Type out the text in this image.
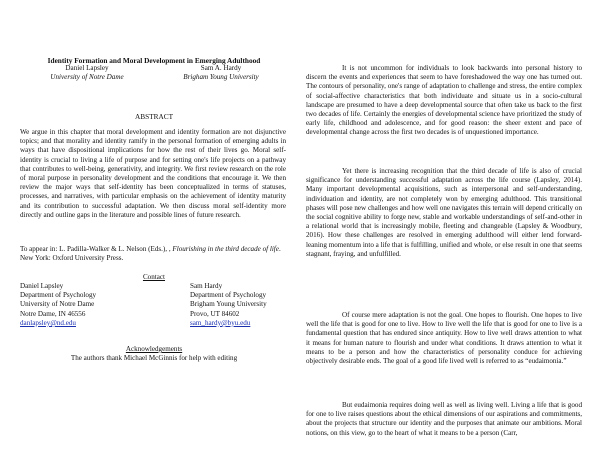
Identity Formation and Moral Development in Emerging Adulthood
Daniel Lapsley
University of Notre Dame
Sam A. Hardy
Brigham Young University
ABSTRACT

We argue in this chapter that moral development and identity formation are not disjunctive topics; and that morality and identity ramify in the personal formation of emerging adults in ways that have dispositional implications for how the rest of their lives go. Moral self-identity is crucial to living a life of purpose and for setting one's life projects on a pathway that contributes to well-being, generativity, and integrity. We first review research on the role of moral purpose in personality development and the conditions that encourage it. We then review the major ways that self-identity has been conceptualized in terms of statuses, processes, and narratives, with particular emphasis on the achievement of identity maturity and its contribution to successful adaptation. We then discuss moral self-identity more directly and outline gaps in the literature and possible lines of future research.

To appear in: L. Padilla-Walker & L. Nelson (Eds.), , Flourishing in the third decade of life. New York: Oxford University Press.

Contact
Daniel Lapsley
Department of Psychology
University of Notre Dame
Notre Dame, IN 46556
danlapsley@nd.edu
Sam Hardy
Department of Psychology
Brigham Young University
Provo, UT 84602
sam_hardy@byu.edu
Acknowledgements
The authors thank Michael McGinnis for help with editing

It is not uncommon for individuals to look backwards into personal history to discern the events and experiences that seem to have foreshadowed the way one has turned out. The contours of personality, one's range of adaptation to challenge and stress, the entire complex of social-affective characteristics that both individuate and situate us in a socio-cultural landscape are presumed to have a deep developmental source that often take us back to the first two decades of life. Certainly the energies of developmental science have prioritized the study of early life, childhood and adolescence, and for good reason: the sheer extent and pace of developmental change across the first two decades is of unquestioned importance.

Yet there is increasing recognition that the third decade of life is also of crucial significance for understanding successful adaptation across the life course (Lapsley, 2014). Many important developmental acquisitions, such as interpersonal and self-understanding, individuation and identity, are not completely won by emerging adulthood. This transitional phases will pose new challenges and how well one navigates this terrain will depend critically on the social cognitive ability to forge new, stable and workable understandings of self-and-other in a relational world that is increasingly mobile, fleeting and changeable (Lapsley & Woodbury, 2016). How these challenges are resolved in emerging adulthood will either lend forward-leaning momentum into a life that is fulfilling, unified and whole, or else result in one that seems stagnant, fraying, and unfulfilled.

Of course mere adaptation is not the goal. One hopes to flourish. One hopes to live well the life that is good for one to live. How to live well the life that is good for one to live is a fundamental question that has endured since antiquity. How to live well draws attention to what it means for human nature to flourish and under what conditions. It draws attention to what it means to be a person and how the characteristics of personality conduce for achieving objectively desirable ends. The goal of a good life lived well is referred to as “eudaimonia.”

But eudaimonia requires doing well as well as living well. Living a life that is good for one to live raises questions about the ethical dimensions of our aspirations and commitments, about the projects that structure our identity and the purposes that animate our ambitions. Moral notions, on this view, go to the heart of what it means to be a person (Carr,
